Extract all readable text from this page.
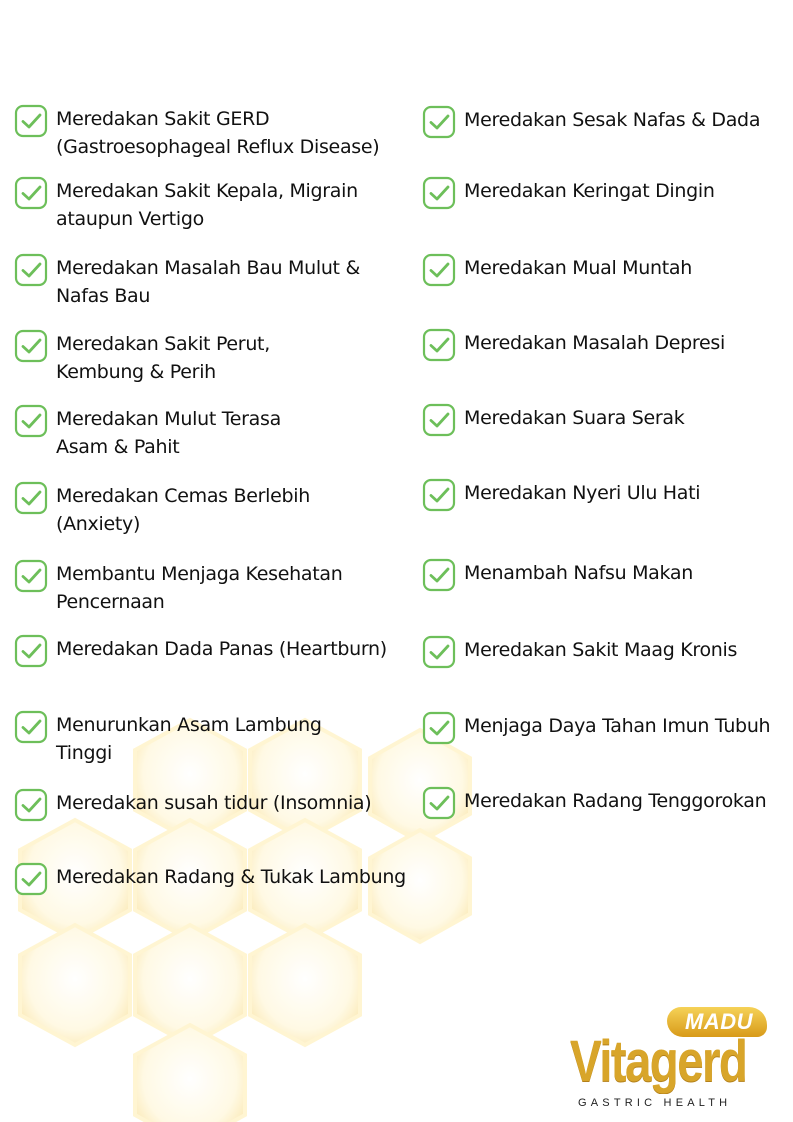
Meredakan Sakit GERD
(Gastroesophageal Reflux Disease)
Meredakan Sakit Kepala, Migrain
ataupun Vertigo
Meredakan Masalah Bau Mulut &
Nafas Bau
Meredakan Sakit Perut,
Kembung & Perih
Meredakan Mulut Terasa
Asam & Pahit
Meredakan Cemas Berlebih
(Anxiety)
Membantu Menjaga Kesehatan
Pencernaan
Meredakan Dada Panas (Heartburn)
Menurunkan Asam Lambung
Tinggi
Meredakan susah tidur (Insomnia)
Meredakan Radang & Tukak Lambung
Meredakan Sesak Nafas & Dada
Meredakan Keringat Dingin
Meredakan Mual Muntah
Meredakan Masalah Depresi
Meredakan Suara Serak
Meredakan Nyeri Ulu Hati
Menambah Nafsu Makan
Meredakan Sakit Maag Kronis
Menjaga Daya Tahan Imun Tubuh
Meredakan Radang Tenggorokan
MADU
Vitagerd
GASTRIC HEALTH
